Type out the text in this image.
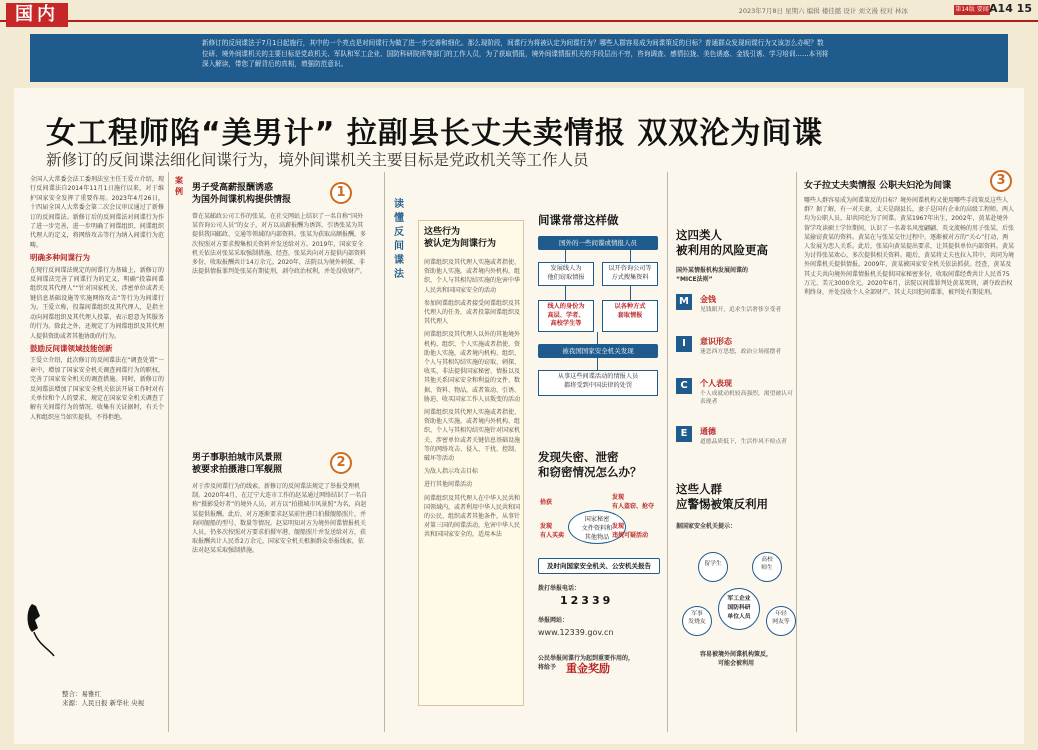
国内	2023年7月8日 星期六 编辑 楼佳懿 设计 刘文漫 校对 林冰	第14版 要闻 A14 15

新修订的反间谍法于7月1日起施行，其中的一个亮点是对间谍行为做了进一步完善和细化。那么现阶段，间谍行为将被认定为间谍行为？哪些人群容易成为间谍策反的目标？普通群众发现间谍行为又该怎么办呢？数位研、境外间谍机关的主要目标是党政机关、军队和军工企业、国防科研院所等部门的工作人员，为了获取情报，境外间谍情报机关的手段层出不穷，咨询调查、感情拉拢、美色诱惑、金钱引诱、学习培训……本刊将深入解读，带您了解背后的真相，增强防范意识。

女工程师陷“美男计” 拉副县长丈夫卖情报 双双沦为间谍
新修订的反间谍法细化间谍行为，境外间谍机关主要目标是党政机关等工作人员

全国人大常委会法工委刑法室主任王爱立介绍，现行反间谍法自2014年11月1日施行以来，对于维护国家安全发挥了重要作用。2023年4月26日，十四届全国人大常委会第二次会议审议通过了新修订的反间谍法。新修订后的反间谍法对间谍行为作了进一步完善，进一步明确了间谍组织、间谍组织代理人的定义，将网络攻击等行为纳入间谍行为范畴。

明确多种间谍行为

在现行反间谍法规定的间谍行为基础上，新修订的反间谍法完善了间谍行为的定义，明确“投靠间谍组织及其代理人”“针对国家机关、涉密单位或者关键信息基础设施等实施网络攻击”等行为为间谍行为。王爱立称，投靠间谍组织及其代理人，是指主动向间谍组织及其代理人投靠，表示愿意为其服务的行为。除此之外，还规定了为间谍组织及其代理人提供资助或者其他协助的行为。

鼓励反间谍领域技能创新

王爱立介绍，此次修订的反间谍法在“调查处置”一章中，增加了国家安全机关调查间谍行为的职权，完善了国家安全机关的调查措施。同时，新修订的反间谍法增加了国家安全机关依法开展工作时对有关单位和个人的要求，规定在国家安全机关调查了解有关间谍行为的情况、收集有关证据时，有关个人和组织应当如实提供，不得拒绝。

整合：易雅红
来源：人民日报 新华社 央视
案例	1
男子受高薪报酬诱惑
为国外间谍机构提供情报
曾在某邮政公司工作的张某，在社交网站上结识了一名自称“国外某咨询公司人员”的女子，对方以高薪报酬为诱饵，引诱张某为其提供我国邮政、交通等领域的内部资料。张某为获取高额报酬，多次按照对方要求搜集相关资料并发送给对方。2019年，国家安全机关依法对张某采取强制措施。经查，张某共向对方提供内部资料多份，收取报酬共计14万余元。2020年，法院以为境外刺探、非法提供情报罪判处张某有期徒刑，剥夺政治权利，并处没收财产。
2
男子事职拍城市风景照
被要求拍摄港口军舰照
对于涉及间谍行为的线索，新修订的反间谍法规定了举报受理机制。2020年4月，在辽宁大连市工作的赵某通过网络结识了一名自称“摄影爱好者”的境外人员，对方以“拍摄城市风景照”为名，向赵某提供报酬。此后，对方逐渐要求赵某前往港口拍摄舰船照片，并询问舰船的型号、数量等情况。赵某明知对方为境外间谍情报机关人员，仍多次按照对方要求拍摄军港、舰船照片并发送给对方，获取报酬共计人民币2万余元。国家安全机关根据群众举报线索，依法对赵某采取强制措施。
读懂反间谍法
这些行为
被认定为间谍行为

间谍组织及其代理人实施或者指使、资助他人实施，或者境内外机构、组织、个人与其相勾结实施的危害中华人民共和国国家安全的活动

参加间谍组织或者接受间谍组织及其代理人的任务，或者投靠间谍组织及其代理人

间谍组织及其代理人以外的其他境外机构、组织、个人实施或者指使、资助他人实施，或者境内机构、组织、个人与其相勾结实施的窃取、刺探、收买、非法提供国家秘密、情报以及其他关系国家安全和利益的文件、数据、资料、物品，或者策动、引诱、胁迫、收买国家工作人员叛变的活动

间谍组织及其代理人实施或者指使、资助他人实施，或者境内外机构、组织、个人与其相勾结实施针对国家机关、涉密单位或者关键信息基础设施等的网络攻击、侵入、干扰、控制、破坏等活动

为敌人指示攻击目标

进行其他间谍活动

间谍组织及其代理人在中华人民共和国领域内，或者利用中华人民共和国的公民、组织或者其他条件，从事针对第三国的间谍活动，危害中华人民共和国国家安全的，适用本法

间谍常常这样做
国外的一些间谍或情报人员
发展线人为
他们窃取情报
以开咨询公司等
方式搜集资料
线人的身份为
高层、学者、
高校学生等
以各种方式
套取情报
被我国国家安全机关发现
从事这些间谍活动的情报人员
都将受到中国法律的处罚
发现失密、泄密
和窃密情况怎么办？
国家秘密
文件资料和
其他物品
拾获
发现
有人盗窃、抢夺
发现
有人买卖
发现
违规可疑活动
及时向国家安全机关、公安机关报告
拨打举报电话：
12339
举报网站：
www.12339.gov.cn
公民举报间谍行为起到重要作用的，
将给予 重金奖励
这四类人
被利用的风险更高
国外某情报机构发展间谍的
“MICE法则”
M	金钱
见钱眼开，追求生活奢侈享受者
I	意识形态
迷恋西方思想，政治立场摇摆者
C	个人表现
个人成就动机较高强烈，渴望被认可表现者
E	通德
道德品质低下，生活作风不检点者
这些人群
应警惕被策反利用
据国家安全机关提示：
留学生
高校
师生
军工企业
国防科研
单位人员
军事
发烧友
年轻
网友等
容易被境外间谍机构策反，
可能会被利用
3
女子拉丈夫卖情报 公职夫妇沦为间谍
哪些人群容易成为间谍策反的目标？境外间谍机构又使用哪些手段策反这些人群？据了解，有一对夫妻，丈夫是副县长，妻子是国有企业的高级工程师，两人均为公职人员，却共同沦为了间谍。黄某1967年出生，2002年，黄某赴境外留学攻读硕士学位期间，认识了一名著名风度翩翩、英文流畅的男子张某，后张某偷窃黄某的资料。黄某在与张某交往过程中，逐渐被对方的“关心”打动，两人发展为恋人关系。此后，张某向黄某提出要求，让其提供单位内部资料，黄某为讨得张某欢心，多次提供相关资料。随后，黄某将丈夫也拉入其中，共同为境外间谍机关提供情报。2009年，黄某被国家安全机关依法抓获。经查，黄某及其丈夫共向境外间谍情报机关提供国家秘密多份，收取间谍经费共计人民币75万元、美元3000余元。2020年6月，法院以间谍罪判处黄某死刑，剥夺政治权利终身，并处没收个人全部财产。其丈夫因犯间谍罪，被判处有期徒刑。
